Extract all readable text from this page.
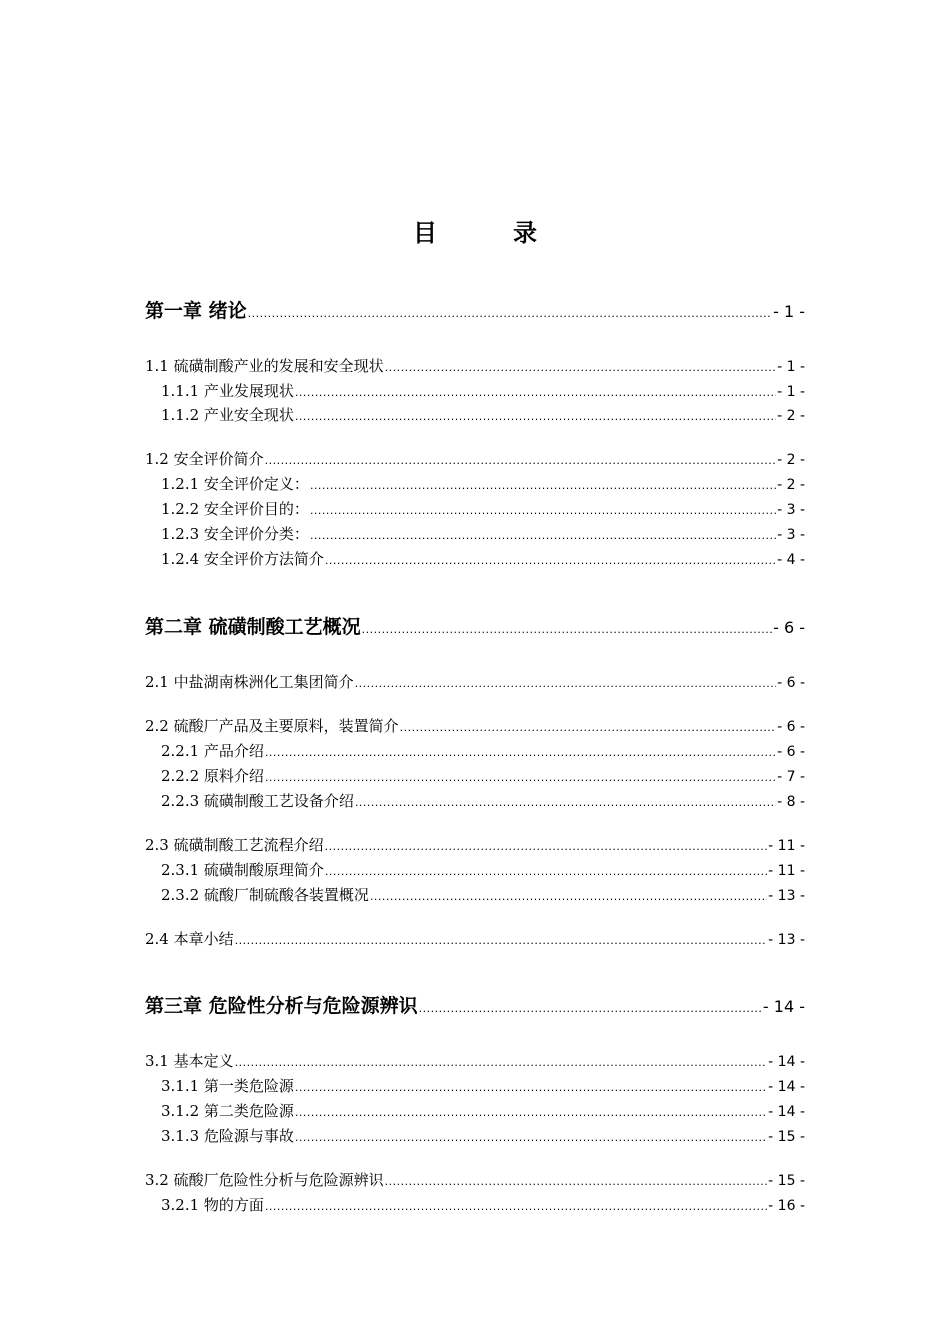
目　录
第一章 绪论 .....	- 1 -
1.1 硫磺制酸产业的发展和安全现状 .....	- 1 -
1.1.1 产业发展现状 .....	- 1 -
1.1.2 产业安全现状 .....	- 2 -
1.2 安全评价简介 .....	- 2 -
1.2.1 安全评价定义： .....	- 2 -
1.2.2 安全评价目的： .....	- 3 -
1.2.3 安全评价分类： .....	- 3 -
1.2.4 安全评价方法简介 .....	- 4 -
第二章 硫磺制酸工艺概况 .....	- 6 -
2.1 中盐湖南株洲化工集团简介 .....	- 6 -
2.2 硫酸厂产品及主要原料，装置简介 .....	- 6 -
2.2.1 产品介绍 .....	- 6 -
2.2.2 原料介绍 .....	- 7 -
2.2.3 硫磺制酸工艺设备介绍 .....	- 8 -
2.3 硫磺制酸工艺流程介绍 .....	- 11 -
2.3.1 硫磺制酸原理简介 .....	- 11 -
2.3.2 硫酸厂制硫酸各装置概况 .....	- 13 -
2.4 本章小结 .....	- 13 -
第三章 危险性分析与危险源辨识 .....	- 14 -
3.1 基本定义 .....	- 14 -
3.1.1 第一类危险源 .....	- 14 -
3.1.2 第二类危险源 .....	- 14 -
3.1.3 危险源与事故 .....	- 15 -
3.2 硫酸厂危险性分析与危险源辨识 .....	- 15 -
3.2.1 物的方面 .....	- 16 -
